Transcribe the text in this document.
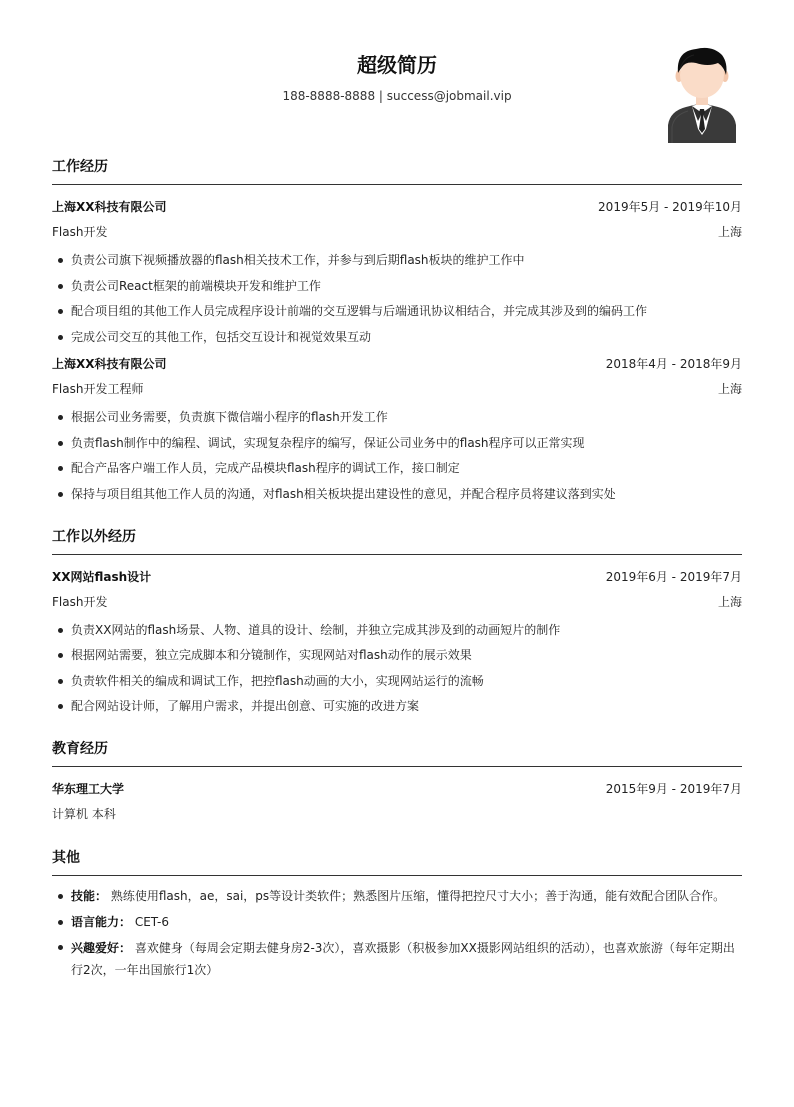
超级简历
188-8888-8888 | success@jobmail.vip
工作经历
上海XX科技有限公司	2019年5月 - 2019年10月
Flash开发	上海
负责公司旗下视频播放器的flash相关技术工作，并参与到后期flash板块的维护工作中
负责公司React框架的前端模块开发和维护工作
配合项目组的其他工作人员完成程序设计前端的交互逻辑与后端通讯协议相结合，并完成其涉及到的编码工作
完成公司交互的其他工作，包括交互设计和视觉效果互动
上海XX科技有限公司	2018年4月 - 2018年9月
Flash开发工程师	上海
根据公司业务需要，负责旗下微信端小程序的flash开发工作
负责flash制作中的编程、调试，实现复杂程序的编写，保证公司业务中的flash程序可以正常实现
配合产品客户端工作人员，完成产品模块flash程序的调试工作，接口制定
保持与项目组其他工作人员的沟通，对flash相关板块提出建设性的意见，并配合程序员将建议落到实处
工作以外经历
XX网站flash设计	2019年6月 - 2019年7月
Flash开发	上海
负责XX网站的flash场景、人物、道具的设计、绘制，并独立完成其涉及到的动画短片的制作
根据网站需要，独立完成脚本和分镜制作，实现网站对flash动作的展示效果
负责软件相关的编成和调试工作，把控flash动画的大小，实现网站运行的流畅
配合网站设计师，了解用户需求，并提出创意、可实施的改进方案
教育经历
华东理工大学	2015年9月 - 2019年7月
计算机 本科
其他
技能： 熟练使用flash，ae，sai，ps等设计类软件；熟悉图片压缩，懂得把控尺寸大小；善于沟通，能有效配合团队合作。
语言能力： CET-6
兴趣爱好： 喜欢健身（每周会定期去健身房2-3次），喜欢摄影（积极参加XX摄影网站组织的活动），也喜欢旅游（每年定期出行2次，一年出国旅行1次）
